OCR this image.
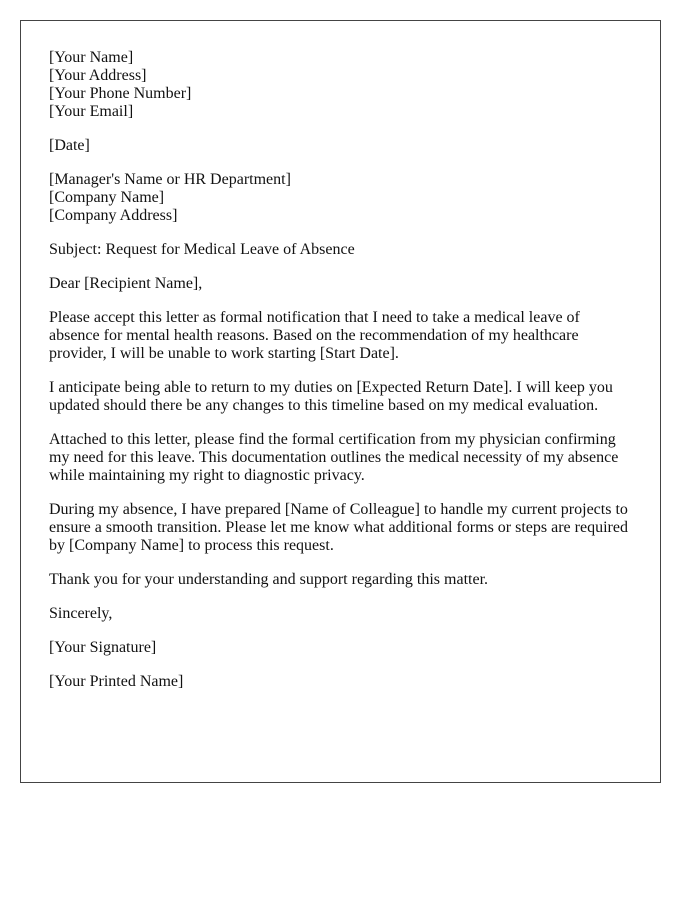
[Your Name]
[Your Address]
[Your Phone Number]
[Your Email]
[Date]
[Manager's Name or HR Department]
[Company Name]
[Company Address]
Subject: Request for Medical Leave of Absence
Dear [Recipient Name],
Please accept this letter as formal notification that I need to take a medical leave of
absence for mental health reasons. Based on the recommendation of my healthcare
provider, I will be unable to work starting [Start Date].
I anticipate being able to return to my duties on [Expected Return Date]. I will keep you
updated should there be any changes to this timeline based on my medical evaluation.
Attached to this letter, please find the formal certification from my physician confirming
my need for this leave. This documentation outlines the medical necessity of my absence
while maintaining my right to diagnostic privacy.
During my absence, I have prepared [Name of Colleague] to handle my current projects to
ensure a smooth transition. Please let me know what additional forms or steps are required
by [Company Name] to process this request.
Thank you for your understanding and support regarding this matter.
Sincerely,
[Your Signature]
[Your Printed Name]
